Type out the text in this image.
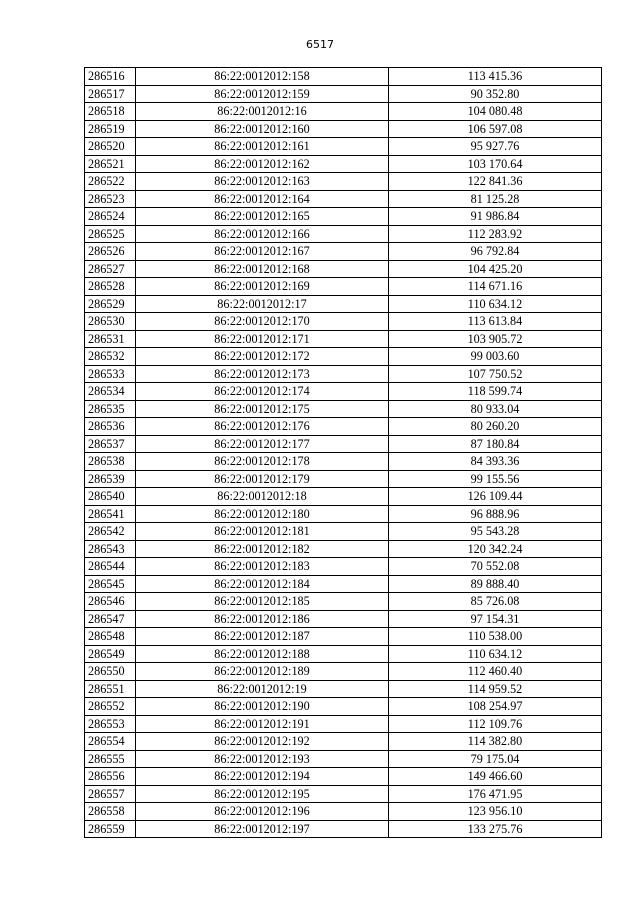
6517
286516	86:22:0012012:158	113 415.36
286517	86:22:0012012:159	90 352.80
286518	86:22:0012012:16	104 080.48
286519	86:22:0012012:160	106 597.08
286520	86:22:0012012:161	95 927.76
286521	86:22:0012012:162	103 170.64
286522	86:22:0012012:163	122 841.36
286523	86:22:0012012:164	81 125.28
286524	86:22:0012012:165	91 986.84
286525	86:22:0012012:166	112 283.92
286526	86:22:0012012:167	96 792.84
286527	86:22:0012012:168	104 425.20
286528	86:22:0012012:169	114 671.16
286529	86:22:0012012:17	110 634.12
286530	86:22:0012012:170	113 613.84
286531	86:22:0012012:171	103 905.72
286532	86:22:0012012:172	99 003.60
286533	86:22:0012012:173	107 750.52
286534	86:22:0012012:174	118 599.74
286535	86:22:0012012:175	80 933.04
286536	86:22:0012012:176	80 260.20
286537	86:22:0012012:177	87 180.84
286538	86:22:0012012:178	84 393.36
286539	86:22:0012012:179	99 155.56
286540	86:22:0012012:18	126 109.44
286541	86:22:0012012:180	96 888.96
286542	86:22:0012012:181	95 543.28
286543	86:22:0012012:182	120 342.24
286544	86:22:0012012:183	70 552.08
286545	86:22:0012012:184	89 888.40
286546	86:22:0012012:185	85 726.08
286547	86:22:0012012:186	97 154.31
286548	86:22:0012012:187	110 538.00
286549	86:22:0012012:188	110 634.12
286550	86:22:0012012:189	112 460.40
286551	86:22:0012012:19	114 959.52
286552	86:22:0012012:190	108 254.97
286553	86:22:0012012:191	112 109.76
286554	86:22:0012012:192	114 382.80
286555	86:22:0012012:193	79 175.04
286556	86:22:0012012:194	149 466.60
286557	86:22:0012012:195	176 471.95
286558	86:22:0012012:196	123 956.10
286559	86:22:0012012:197	133 275.76
